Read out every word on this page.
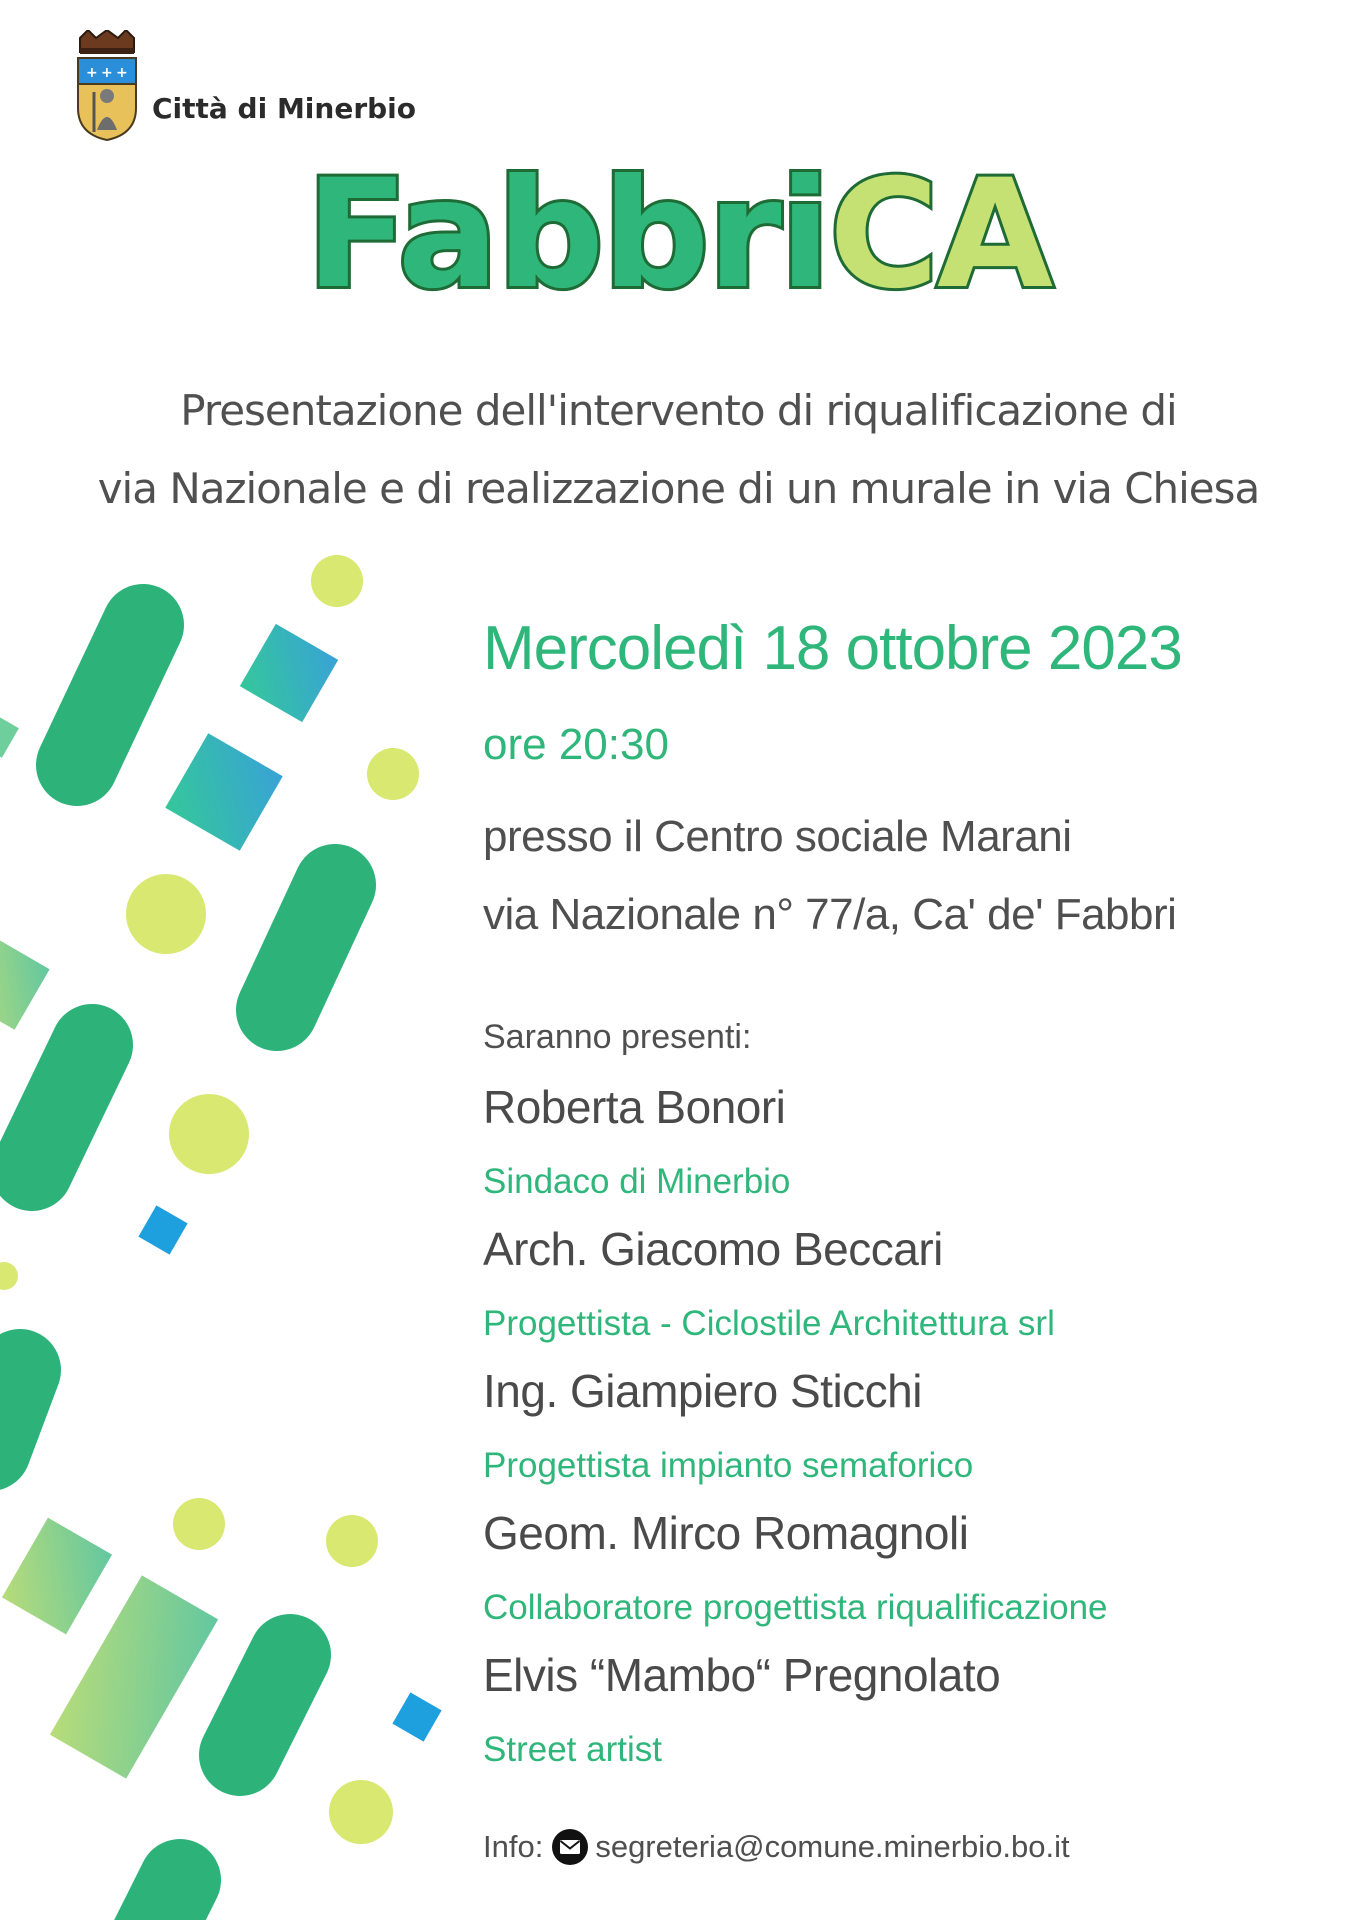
+ + +
Città di Minerbio
FabbriCA
Presentazione dell'intervento di riqualificazione di
via Nazionale e di realizzazione di un murale in via Chiesa
Mercoledì 18 ottobre 2023
ore 20:30
presso il Centro sociale Marani
via Nazionale n° 77/a, Ca' de' Fabbri
Saranno presenti:
Roberta Bonori
Sindaco di Minerbio
Arch. Giacomo Beccari
Progettista - Ciclostile Architettura srl
Ing. Giampiero Sticchi
Progettista impianto semaforico
Geom. Mirco Romagnoli
Collaboratore progettista riqualificazione
Elvis “Mambo“ Pregnolato
Street artist
Info: segreteria@comune.minerbio.bo.it
